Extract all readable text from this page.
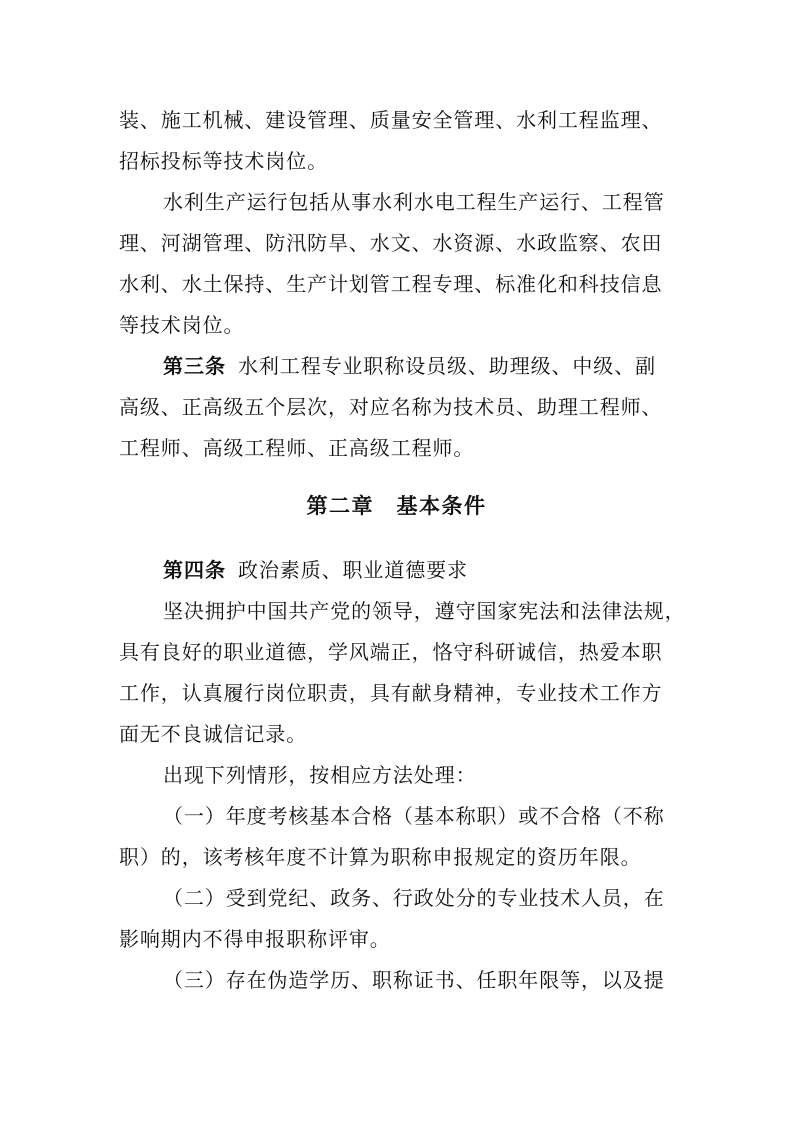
装、施工机械、建设管理、质量安全管理、水利工程监理、
招标投标等技术岗位。
水利生产运行包括从事水利水电工程生产运行、工程管
理、河湖管理、防汛防旱、水文、水资源、水政监察、农田
水利、水土保持、生产计划管工程专理、标准化和科技信息
等技术岗位。
第三条 水利工程专业职称设员级、助理级、中级、副
高级、正高级五个层次，对应名称为技术员、助理工程师、
工程师、高级工程师、正高级工程师。
第二章　基本条件
第四条 政治素质、职业道德要求
坚决拥护中国共产党的领导，遵守国家宪法和法律法规，
具有良好的职业道德，学风端正，恪守科研诚信，热爱本职
工作，认真履行岗位职责，具有献身精神，专业技术工作方
面无不良诚信记录。
出现下列情形，按相应方法处理：
（一）年度考核基本合格（基本称职）或不合格（不称
职）的，该考核年度不计算为职称申报规定的资历年限。
（二）受到党纪、政务、行政处分的专业技术人员，在
影响期内不得申报职称评审。
（三）存在伪造学历、职称证书、任职年限等，以及提
